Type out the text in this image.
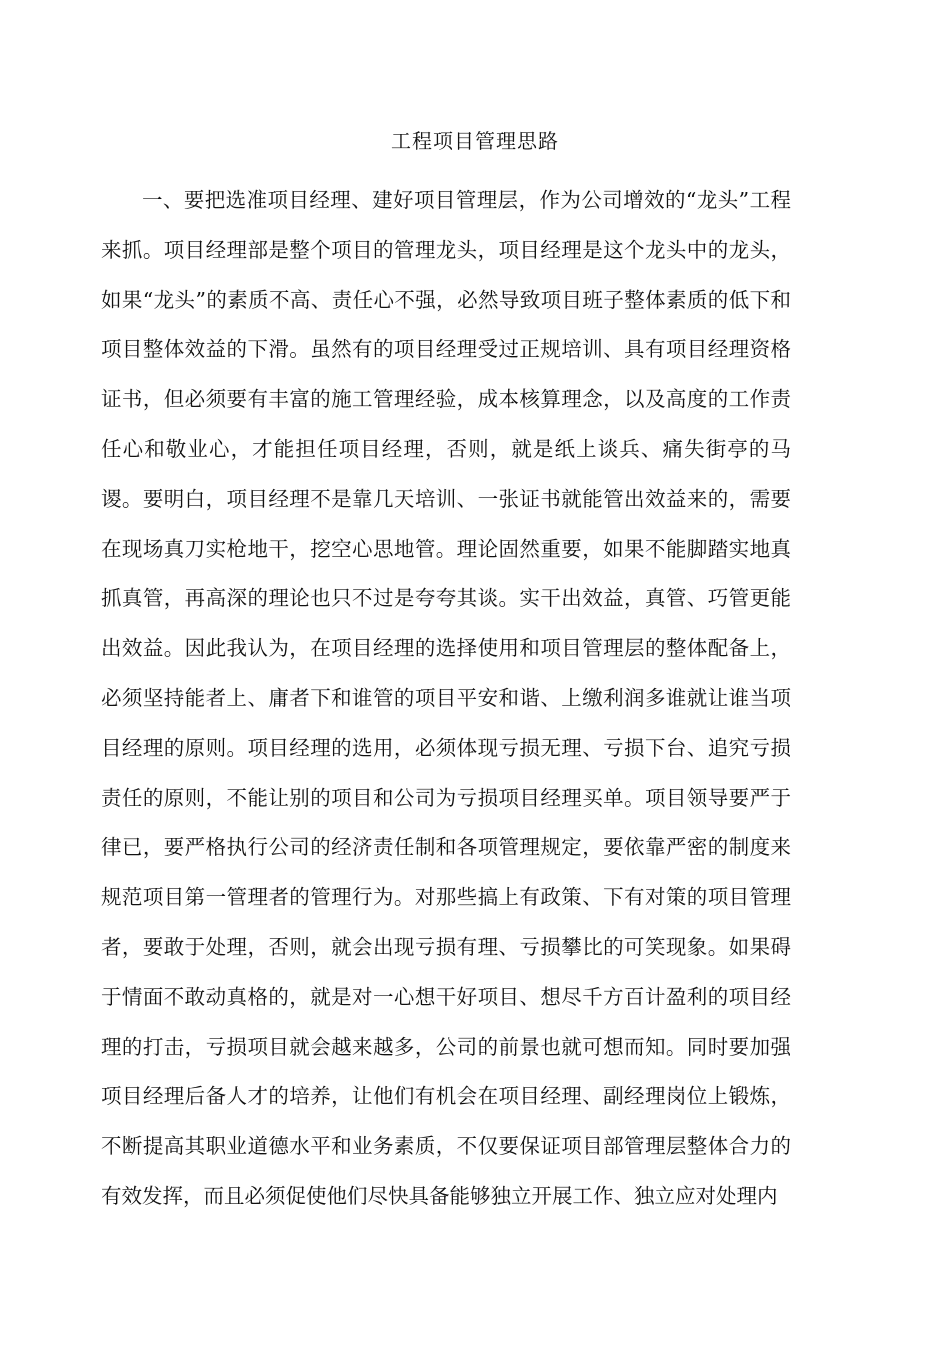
工程项目管理思路

一、要把选准项目经理、建好项目管理层，作为公司增效的“龙头”工程来抓。项目经理部是整个项目的管理龙头，项目经理是这个龙头中的龙头，如果“龙头”的素质不高、责任心不强，必然导致项目班子整体素质的低下和项目整体效益的下滑。虽然有的项目经理受过正规培训、具有项目经理资格证书，但必须要有丰富的施工管理经验，成本核算理念，以及高度的工作责任心和敬业心，才能担任项目经理，否则，就是纸上谈兵、痛失街亭的马谡。要明白，项目经理不是靠几天培训、一张证书就能管出效益来的，需要在现场真刀实枪地干，挖空心思地管。理论固然重要，如果不能脚踏实地真抓真管，再高深的理论也只不过是夸夸其谈。实干出效益，真管、巧管更能出效益。因此我认为，在项目经理的选择使用和项目管理层的整体配备上，必须坚持能者上、庸者下和谁管的项目平安和谐、上缴利润多谁就让谁当项目经理的原则。项目经理的选用，必须体现亏损无理、亏损下台、追究亏损责任的原则，不能让别的项目和公司为亏损项目经理买单。项目领导要严于律已，要严格执行公司的经济责任制和各项管理规定，要依靠严密的制度来规范项目第一管理者的管理行为。对那些搞上有政策、下有对策的项目管理者，要敢于处理，否则，就会出现亏损有理、亏损攀比的可笑现象。如果碍于情面不敢动真格的，就是对一心想干好项目、想尽千方百计盈利的项目经理的打击，亏损项目就会越来越多，公司的前景也就可想而知。同时要加强项目经理后备人才的培养，让他们有机会在项目经理、副经理岗位上锻炼，不断提高其职业道德水平和业务素质，不仅要保证项目部管理层整体合力的有效发挥，而且必须促使他们尽快具备能够独立开展工作、独立应对处理内
